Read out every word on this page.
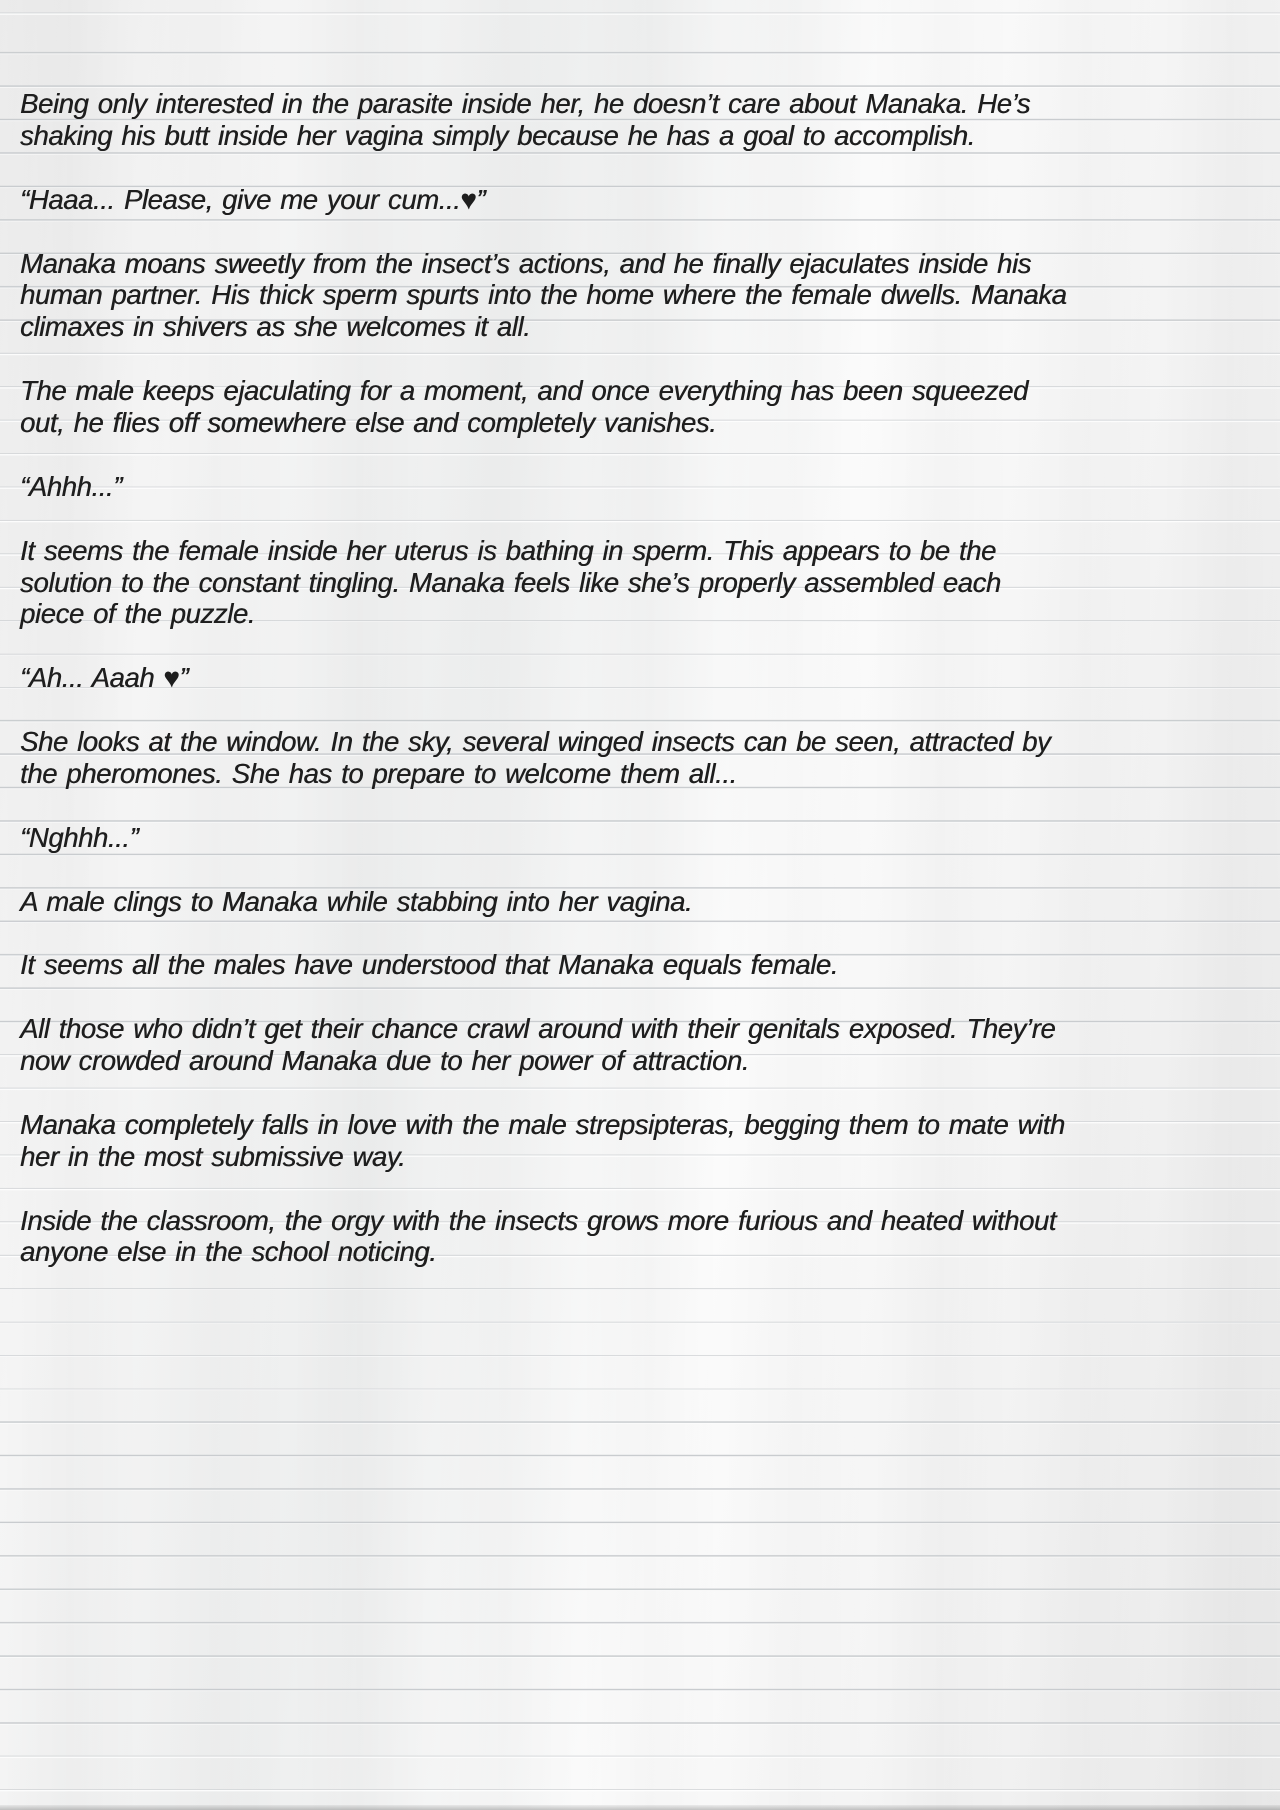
Being only interested in the parasite inside her, he doesn’t care about Manaka. He’s shaking his butt inside her vagina simply because he has a goal to accomplish.

“Haaa... Please, give me your cum...♥”

Manaka moans sweetly from the insect’s actions, and he finally ejaculates inside his human partner. His thick sperm spurts into the home where the female dwells. Manaka climaxes in shivers as she welcomes it all.

The male keeps ejaculating for a moment, and once everything has been squeezed out, he flies off somewhere else and completely vanishes.

“Ahhh...”

It seems the female inside her uterus is bathing in sperm. This appears to be the solution to the constant tingling. Manaka feels like she’s properly assembled each piece of the puzzle.

“Ah... Aaah ♥”

She looks at the window. In the sky, several winged insects can be seen, attracted by the pheromones. She has to prepare to welcome them all...

“Nghhh...”

A male clings to Manaka while stabbing into her vagina.

It seems all the males have understood that Manaka equals female.

All those who didn’t get their chance crawl around with their genitals exposed. They’re now crowded around Manaka due to her power of attraction.

Manaka completely falls in love with the male strepsipteras, begging them to mate with her in the most submissive way.

Inside the classroom, the orgy with the insects grows more furious and heated without anyone else in the school noticing.
